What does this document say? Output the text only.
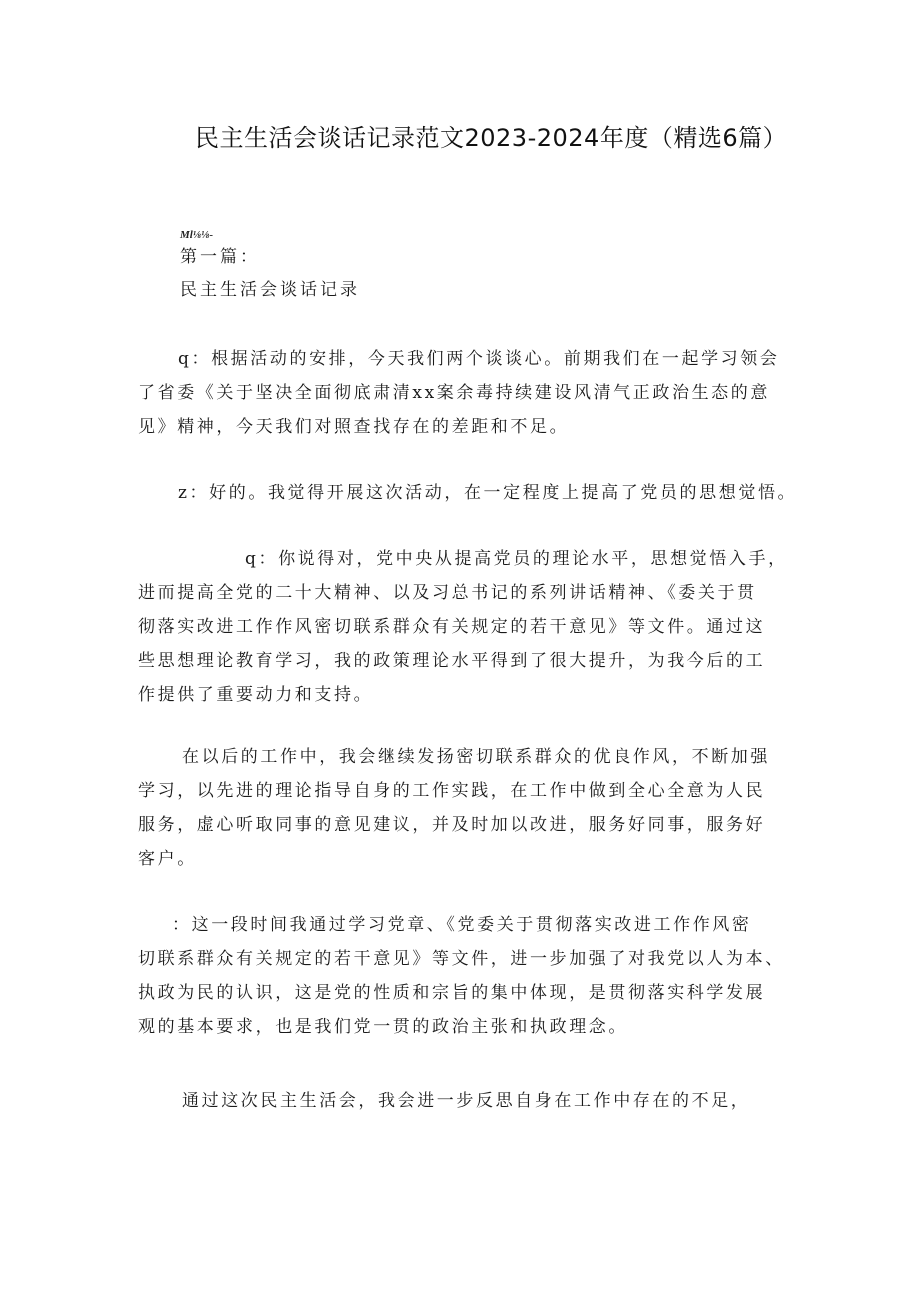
民主生活会谈话记录范文2023-2024年度（精选6篇）
Ml⅛⅛-
第一篇：
民主生活会谈话记录
q：根据活动的安排，今天我们两个谈谈心。前期我们在一起学习领会
了省委《关于坚决全面彻底肃清xx案余毒持续建设风清气正政治生态的意
见》精神，今天我们对照查找存在的差距和不足。
z：好的。我觉得开展这次活动，在一定程度上提高了党员的思想觉悟。
q：你说得对，党中央从提高党员的理论水平，思想觉悟入手，
进而提高全党的二十大精神、以及习总书记的系列讲话精神、《委关于贯
彻落实改进工作作风密切联系群众有关规定的若干意见》等文件。通过这
些思想理论教育学习，我的政策理论水平得到了很大提升，为我今后的工
作提供了重要动力和支持。
在以后的工作中，我会继续发扬密切联系群众的优良作风，不断加强
学习，以先进的理论指导自身的工作实践，在工作中做到全心全意为人民
服务，虚心听取同事的意见建议，并及时加以改进，服务好同事，服务好
客户。
：这一段时间我通过学习党章、《党委关于贯彻落实改进工作作风密
切联系群众有关规定的若干意见》等文件，进一步加强了对我党以人为本、
执政为民的认识，这是党的性质和宗旨的集中体现，是贯彻落实科学发展
观的基本要求，也是我们党一贯的政治主张和执政理念。
通过这次民主生活会，我会进一步反思自身在工作中存在的不足，
